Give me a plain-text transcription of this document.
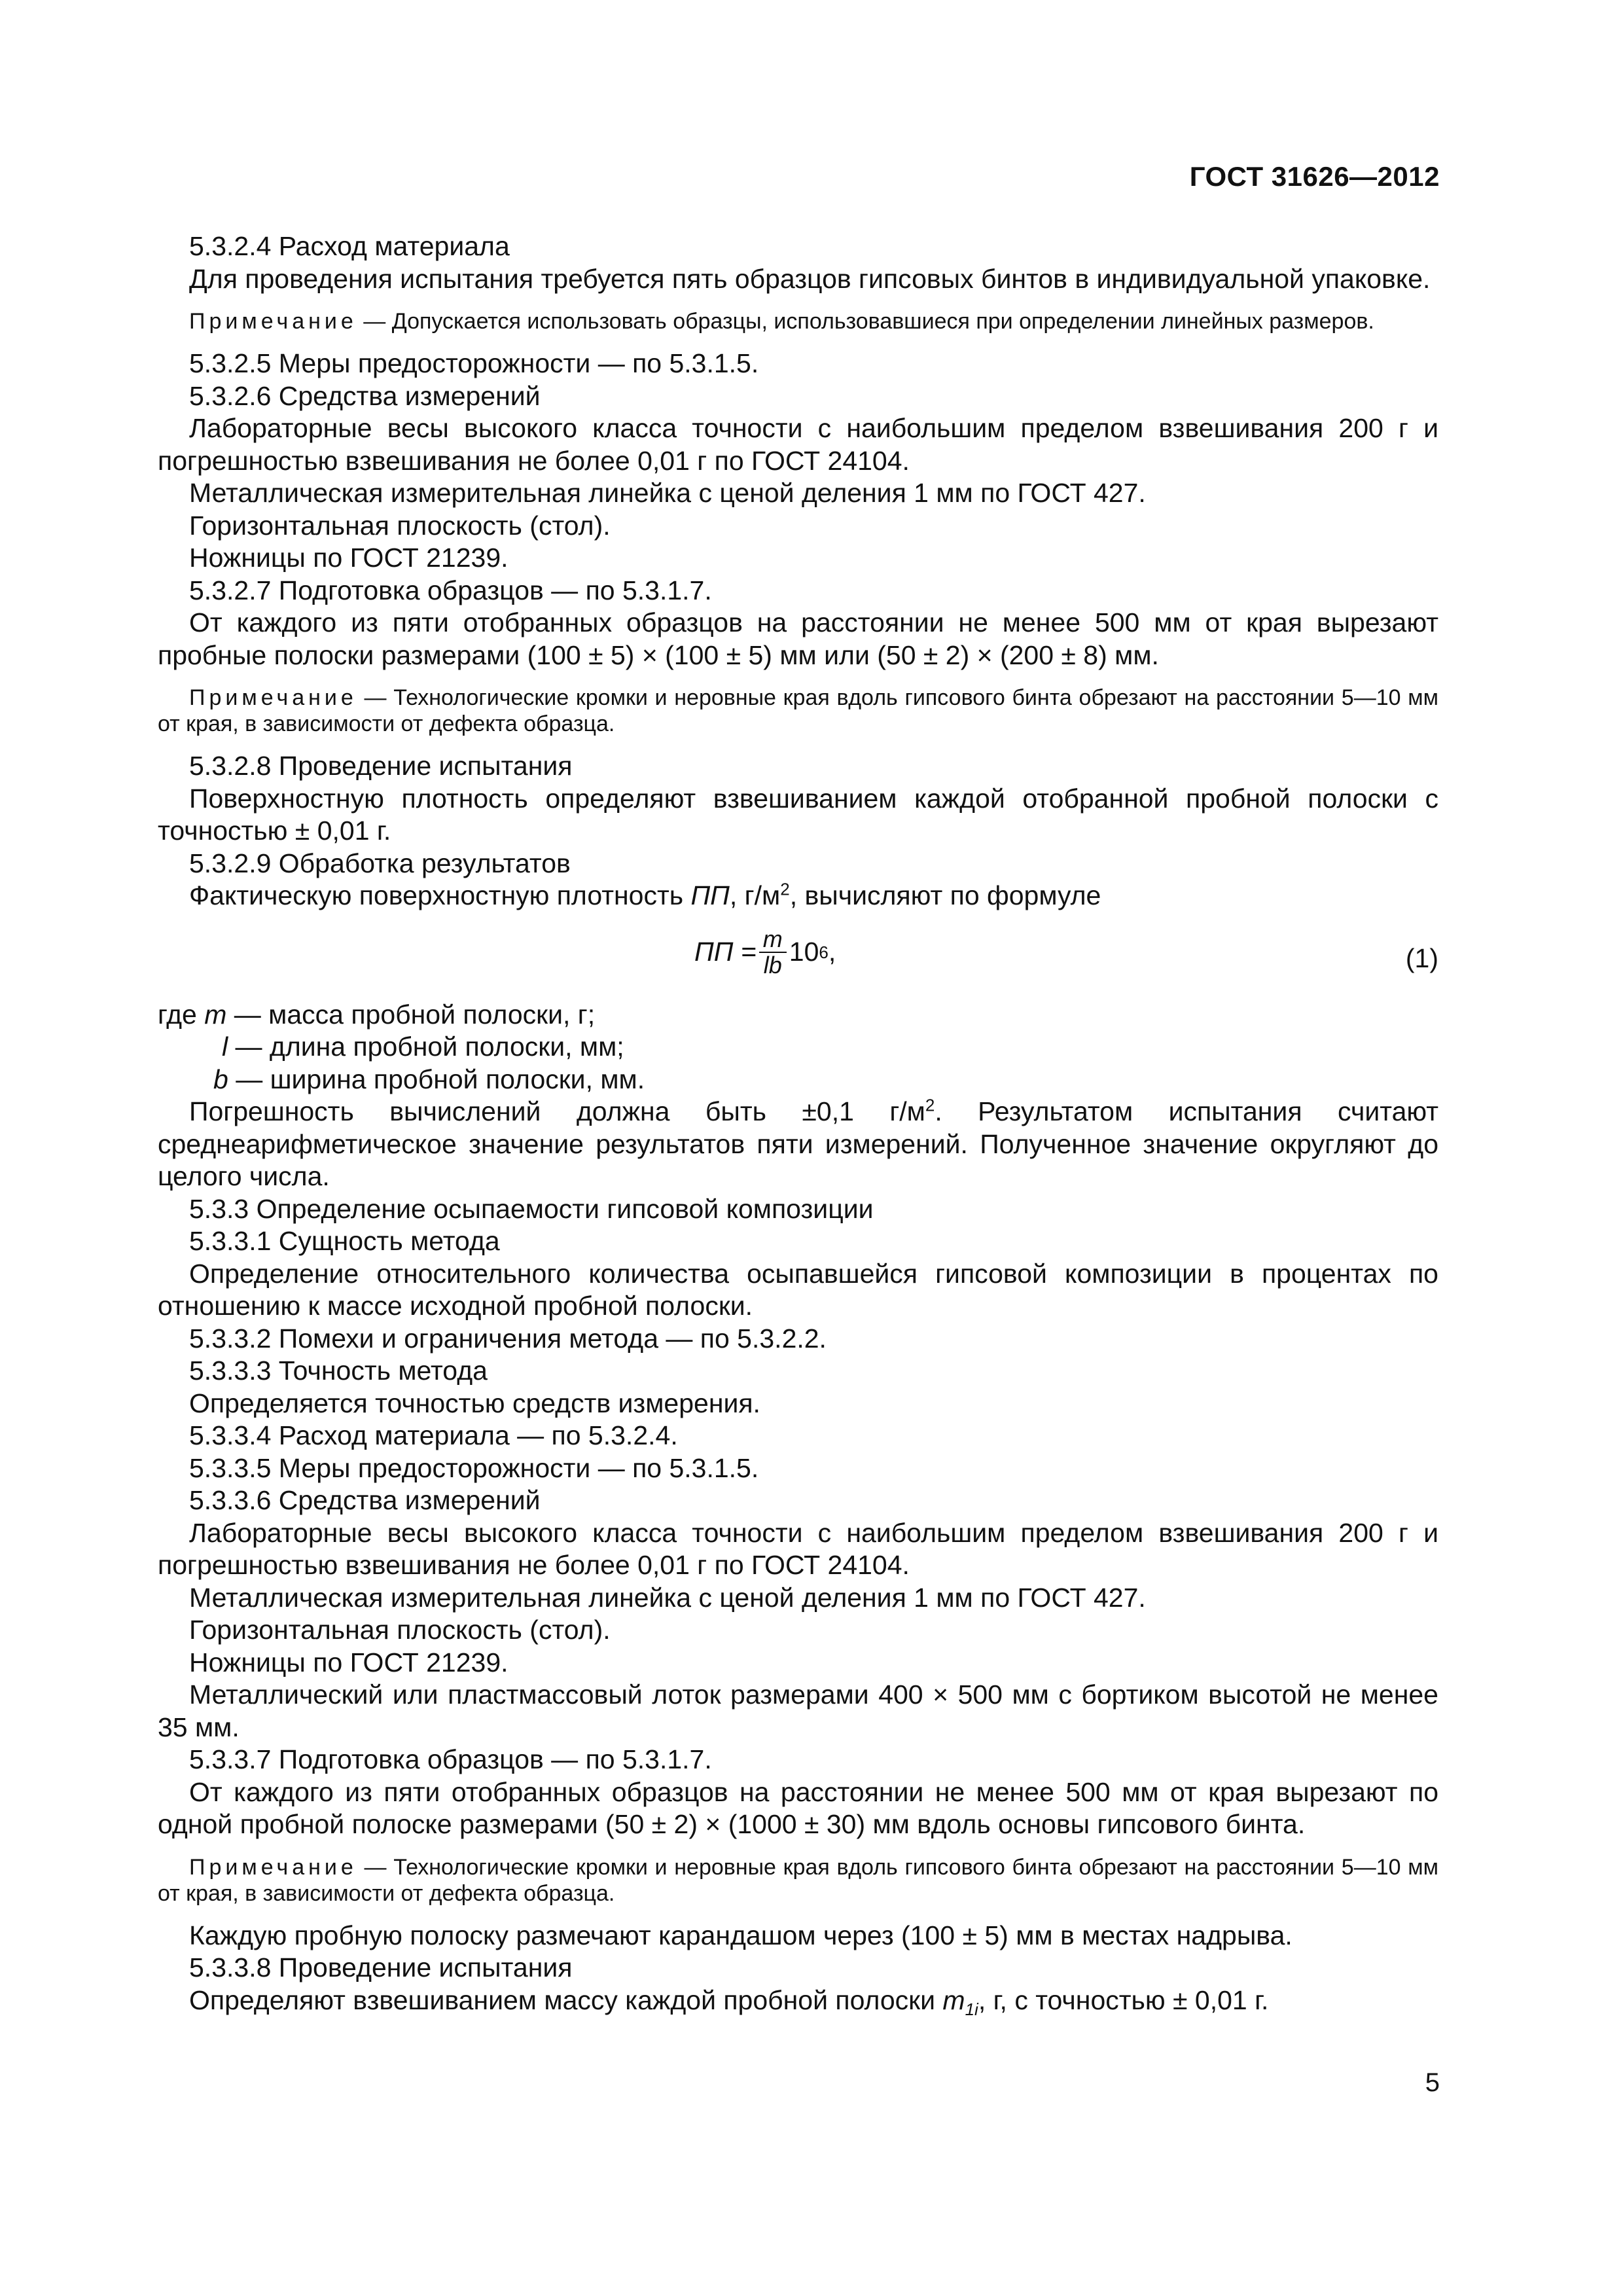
ГОСТ 31626—2012

5.3.2.4 Расход материала

Для проведения испытания требуется пять образцов гипсовых бинтов в индивидуальной упаковке.

Примечание — Допускается использовать образцы, использовавшиеся при определении линейных размеров.

5.3.2.5 Меры предосторожности — по 5.3.1.5.

5.3.2.6 Средства измерений

Лабораторные весы высокого класса точности с наибольшим пределом взвешивания 200 г и погрешностью взвешивания не более 0,01 г по ГОСТ 24104.

Металлическая измерительная линейка с ценой деления 1 мм по ГОСТ 427.

Горизонтальная плоскость (стол).

Ножницы по ГОСТ 21239.

5.3.2.7 Подготовка образцов — по 5.3.1.7.

От каждого из пяти отобранных образцов на расстоянии не менее 500 мм от края вырезают пробные полоски размерами (100 ± 5) × (100 ± 5) мм или (50 ± 2) × (200 ± 8) мм.

Примечание — Технологические кромки и неровные края вдоль гипсового бинта обрезают на расстоянии 5—10 мм от края, в зависимости от дефекта образца.

5.3.2.8 Проведение испытания

Поверхностную плотность определяют взвешиванием каждой отобранной пробной полоски с точностью ± 0,01 г.

5.3.2.9 Обработка результатов

Фактическую поверхностную плотность ПП, $г/м^2$, вычисляют по формуле

ПП = $\frac{m}{lb} 10$ 6 ,	(1)

где m — масса пробной полоски, г;

l — длина пробной полоски, мм;

b — ширина пробной полоски, мм.

Погрешность вычислений должна быть ±0,1 $г/м^2$. Результатом испытания считают среднеарифметическое значение результатов пяти измерений. Полученное значение округляют до целого числа.

5.3.3 Определение осыпаемости гипсовой композиции

5.3.3.1 Сущность метода

Определение относительного количества осыпавшейся гипсовой композиции в процентах по отношению к массе исходной пробной полоски.

5.3.3.2 Помехи и ограничения метода — по 5.3.2.2.

5.3.3.3 Точность метода

Определяется точностью средств измерения.

5.3.3.4 Расход материала — по 5.3.2.4.

5.3.3.5 Меры предосторожности — по 5.3.1.5.

5.3.3.6 Средства измерений

Лабораторные весы высокого класса точности с наибольшим пределом взвешивания 200 г и погрешностью взвешивания не более 0,01 г по ГОСТ 24104.

Металлическая измерительная линейка с ценой деления 1 мм по ГОСТ 427.

Горизонтальная плоскость (стол).

Ножницы по ГОСТ 21239.

Металлический или пластмассовый лоток размерами 400 × 500 мм с бортиком высотой не менее 35 мм.

5.3.3.7 Подготовка образцов — по 5.3.1.7.

От каждого из пяти отобранных образцов на расстоянии не менее 500 мм от края вырезают по одной пробной полоске размерами (50 ± 2) × (1000 ± 30) мм вдоль основы гипсового бинта.

Примечание — Технологические кромки и неровные края вдоль гипсового бинта обрезают на расстоянии 5—10 мм от края, в зависимости от дефекта образца.

Каждую пробную полоску размечают карандашом через (100 ± 5) мм в местах надрыва.

5.3.3.8 Проведение испытания

Определяют взвешиванием массу каждой пробной полоски $m_{1i}$, г, с точностью ± 0,01 г.

5
